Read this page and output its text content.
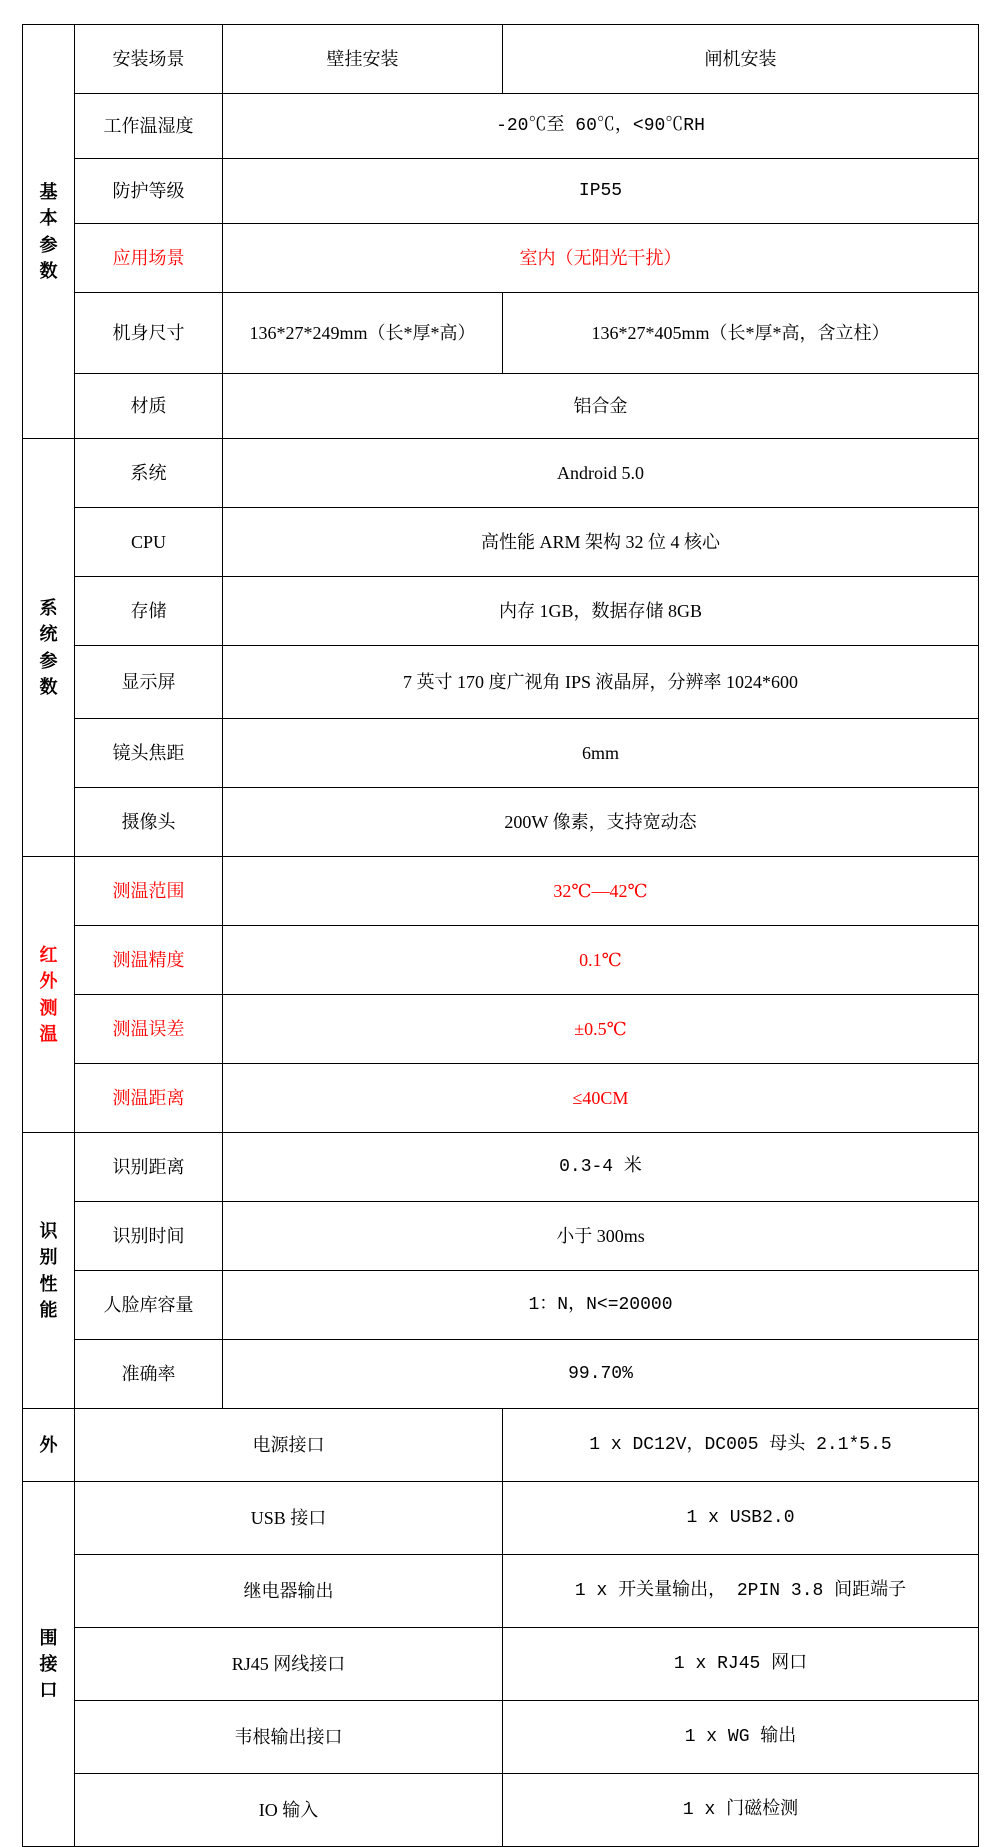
基本参数	安装场景	壁挂安装	闸机安装
	工作温湿度	-20℃至 60℃，<90℃RH	
	防护等级	IP55	
	应用场景	室内（无阳光干扰）	
	机身尺寸	136*27*249mm（长*厚*高）	136*27*405mm（长*厚*高，含立柱）
	材质	铝合金	

系统参数	系统	Android 5.0	
	CPU	高性能 ARM 架构 32 位 4 核心	
	存储	内存 1GB，数据存储 8GB	
	显示屏	7 英寸 170 度广视角 IPS 液晶屏，分辨率 1024*600	
	镜头焦距	6mm	
	摄像头	200W 像素，支持宽动态	

红外测温	测温范围	32℃—42℃	
	测温精度	0.1℃	
	测温误差	±0.5℃	
	测温距离	≤40CM	

识别性能	识别距离	0.3-4 米	
	识别时间	小于 300ms	
	人脸库容量	1：N，N<=20000	
	准确率	99.70%	

外	电源接口		1 x DC12V，DC005 母头 2.1*5.5

围接口	USB 接口		1 x USB2.0
	继电器输出		1 x 开关量输出， 2PIN 3.8 间距端子
	RJ45 网线接口		1 x RJ45 网口
	韦根输出接口		1 x WG 输出
	IO 输入		1 x 门磁检测
